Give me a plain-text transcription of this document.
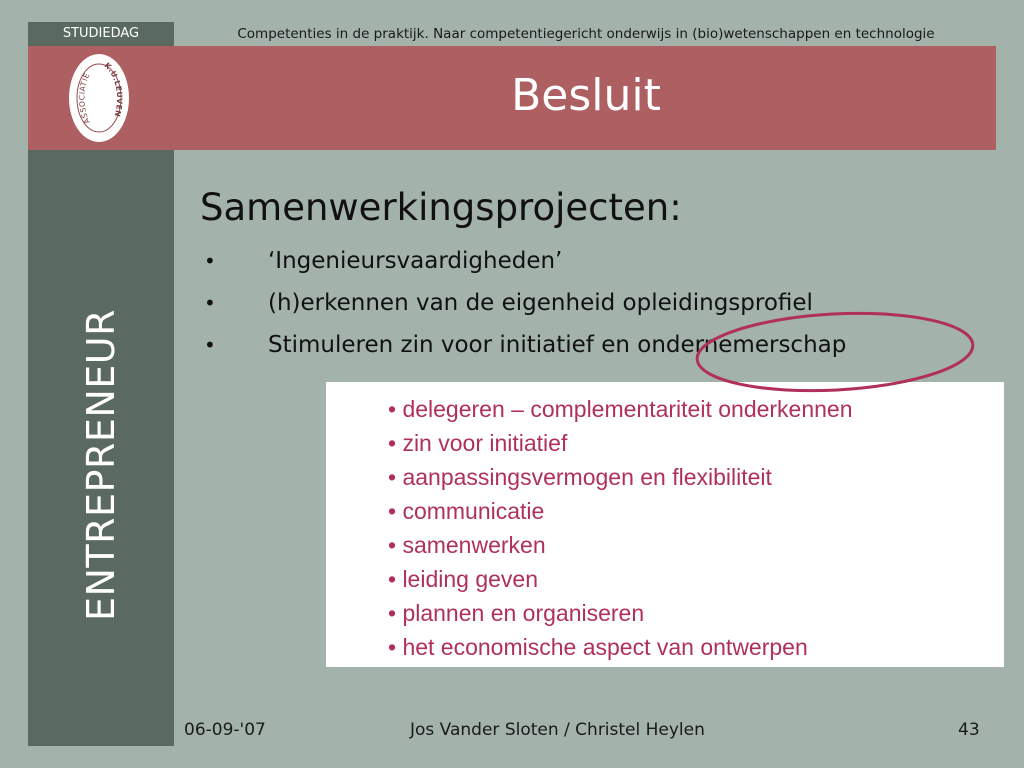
STUDIEDAG	Competenties in de praktijk. Naar competentiegericht onderwijs in (bio)wetenschappen en technologie
ASSOCIATIE
K.U.LEUVEN	Besluit
ENTREPRENEUR
Samenwerkingsprojecten:
• ‘Ingenieursvaardigheden’
• (h)erkennen van de eigenheid opleidingsprofiel
• Stimuleren zin voor initiatief en ondernemerschap
• delegeren – complementariteit onderkennen
• zin voor initiatief
• aanpassingsvermogen en flexibiliteit
• communicatie
• samenwerken
• leiding geven
• plannen en organiseren
• het economische aspect van ontwerpen
06-09-'07	Jos Vander Sloten / Christel Heylen	43
